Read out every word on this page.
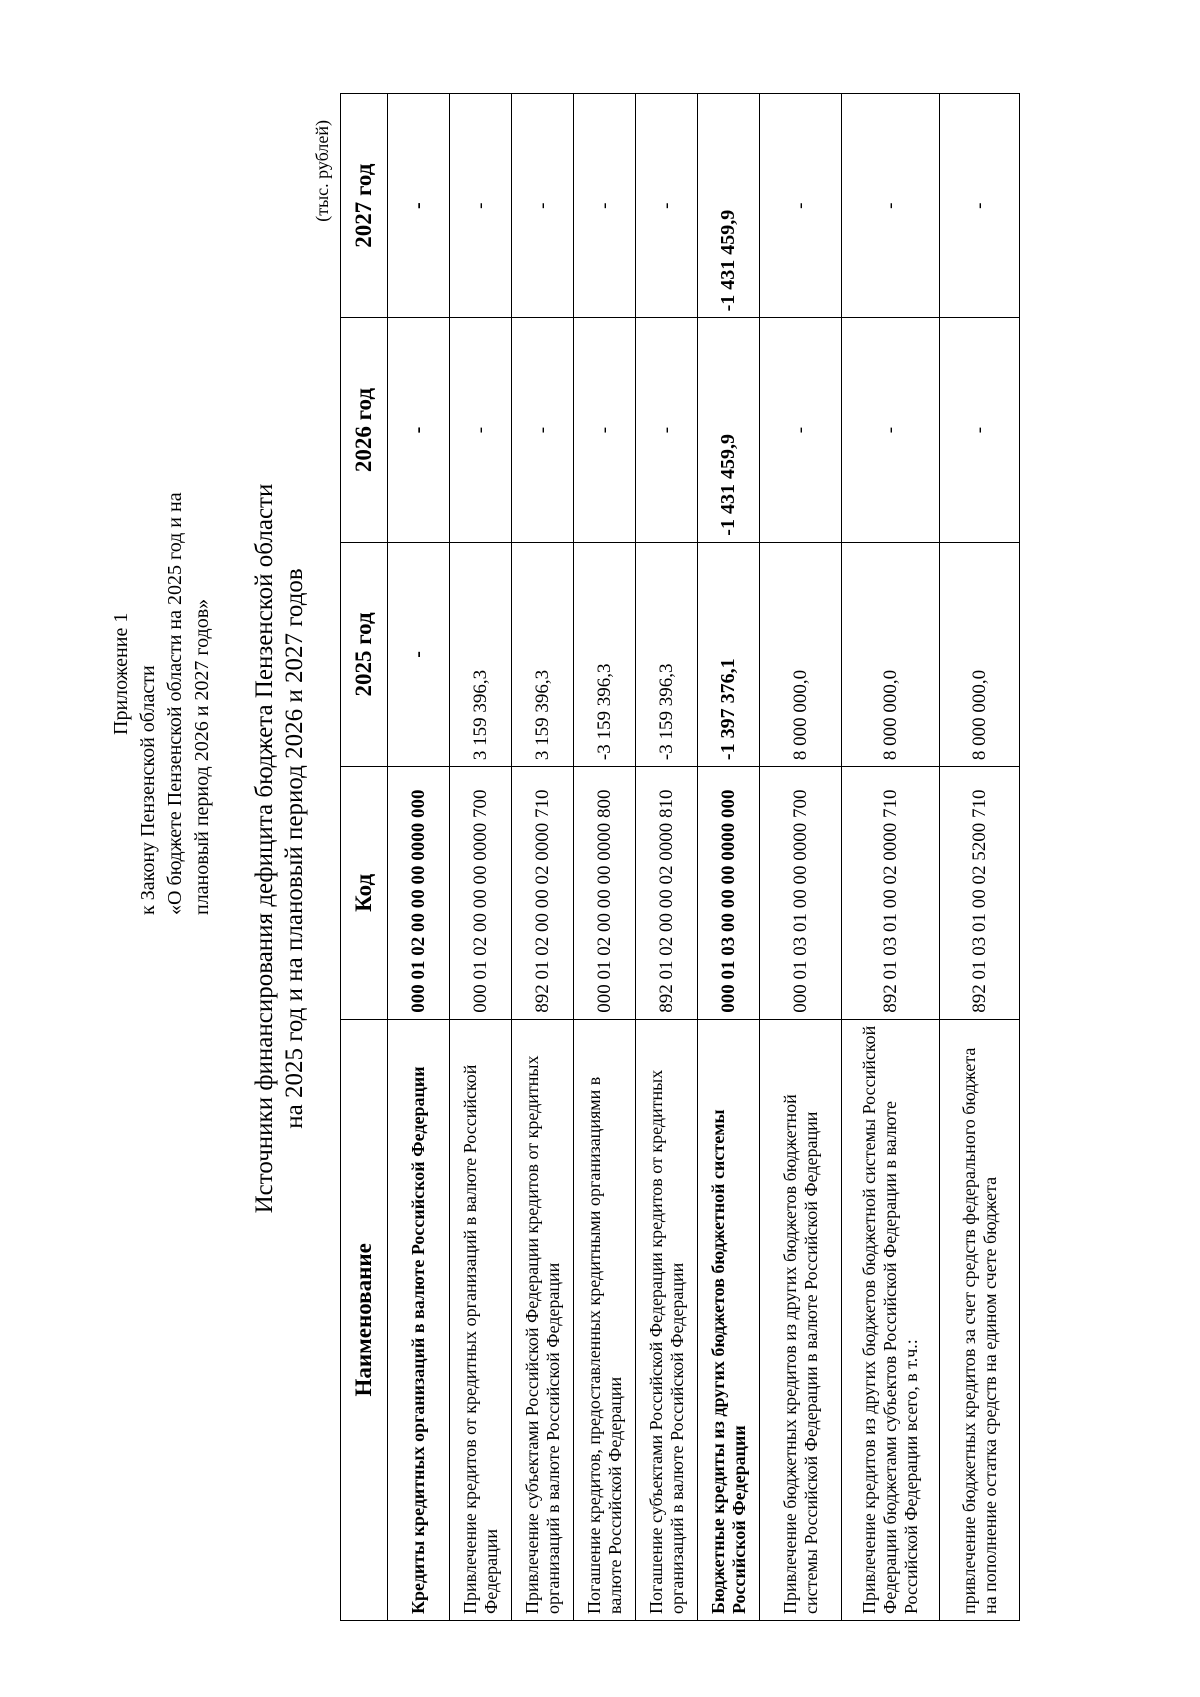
Приложение 1 к Закону Пензенской области «О бюджете Пензенской области на 2025 год и на плановый период 2026 и 2027 годов» Источники финансирования дефицита бюджета Пензенской области на 2025 год и на плановый период 2026 и 2027 годов
(тыс. рублей)
Наименование	Код	2025 год	2026 год	2027 год
Кредиты кредитных организаций в валюте Российской Федерации	000 01 02 00 00 00 0000 000	-	-	-
Привлечение кредитов от кредитных организаций в валюте Российской Федерации	000 01 02 00 00 00 0000 700	3 159 396,3	-	-
Привлечение субъектами Российской Федерации кредитов от кредитных организаций в валюте Российской Федерации	892 01 02 00 00 02 0000 710	3 159 396,3	-	-
Погашение кредитов, предоставленных кредитными организациями в валюте Российской Федерации	000 01 02 00 00 00 0000 800	-3 159 396,3	-	-
Погашение субъектами Российской Федерации кредитов от кредитных организаций в валюте Российской Федерации	892 01 02 00 00 02 0000 810	-3 159 396,3	-	-
Бюджетные кредиты из других бюджетов бюджетной системы Российской Федерации	000 01 03 00 00 00 0000 000	-1 397 376,1	-1 431 459,9	-1 431 459,9
Привлечение бюджетных кредитов из других бюджетов бюджетной системы Российской Федерации в валюте Российской Федерации	000 01 03 01 00 00 0000 700	8 000 000,0	-	-
Привлечение кредитов из других бюджетов бюджетной системы Российской Федерации бюджетами субъектов Российской Федерации в валюте Российской Федерации всего, в т.ч.:	892 01 03 01 00 02 0000 710	8 000 000,0	-	-
привлечение бюджетных кредитов за счет средств федерального бюджета на пополнение остатка средств на едином счете бюджета	892 01 03 01 00 02 5200 710	8 000 000,0	-	-
